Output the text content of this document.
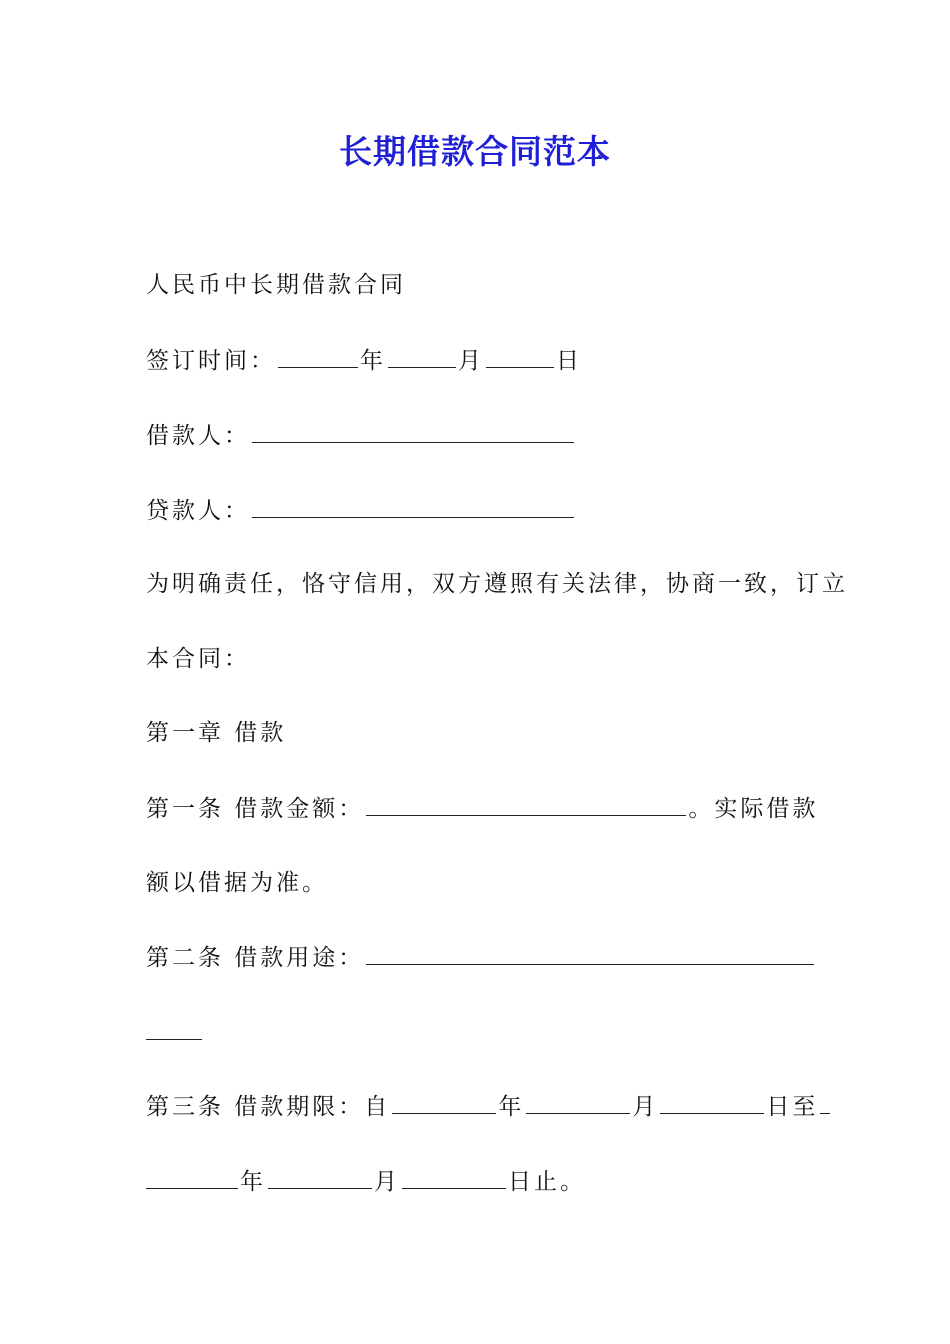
长期借款合同范本
人民币中长期借款合同
签订时间：	年	月	日
借款人：
贷款人：
为明确责任，恪守信用，双方遵照有关法律，协商一致，订立
本合同：
第一章 借款
第一条 借款金额：	。实际借款
额以借据为准。
第二条 借款用途：
第三条 借款期限：自	年	月	日至
年	月	日止。
